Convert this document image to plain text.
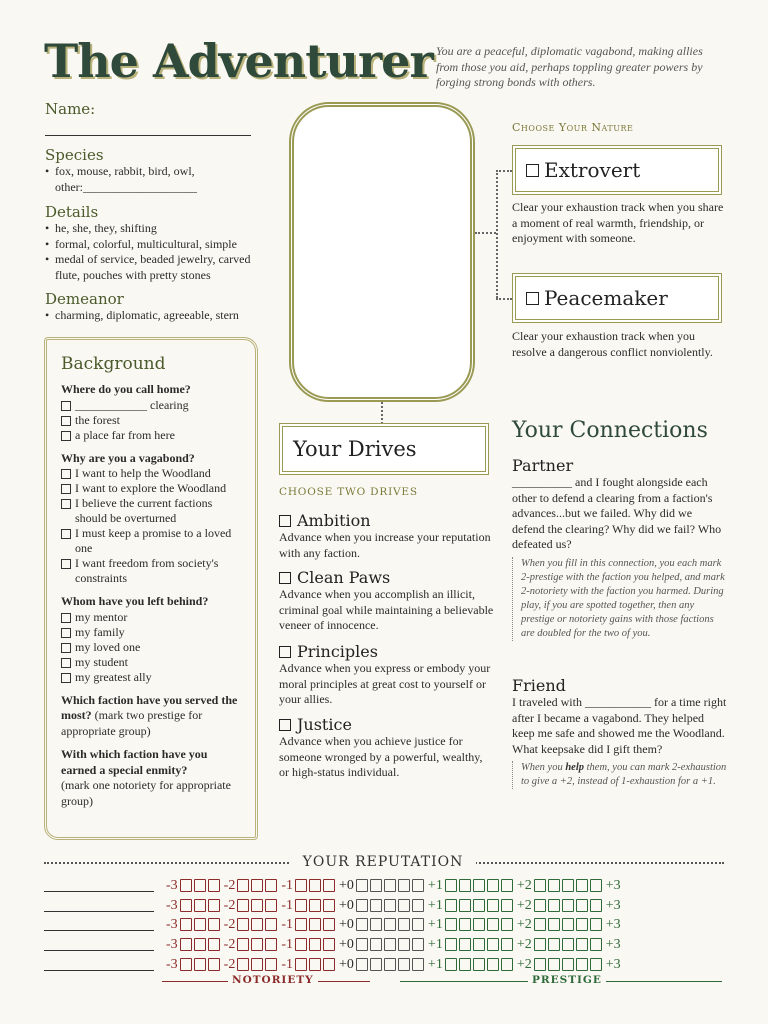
The Adventurer You are a peaceful, diplomatic vagabond, making allies from those you aid, perhaps toppling greater powers by forging strong bonds with others.
Name:
Species
• fox, mouse, rabbit, bird, owl,
other:___________________
Details
• he, she, they, shifting
• formal, colorful, multicultural, simple
• medal of service, beaded jewelry, carved flute, pouches with pretty stones
Demeanor
• charming, diplomatic, agreeable, stern
Background
Where do you call home?
____________ clearing
the forest
a place far from here
Why are you a vagabond?
I want to help the Woodland
I want to explore the Woodland
I believe the current factions should be overturned
I must keep a promise to a loved one
I want freedom from society's constraints
Whom have you left behind?
my mentor
my family
my loved one
my student
my greatest ally
Which faction have you served the most? (mark two prestige for appropriate group)
With which faction have you earned a special enmity?
(mark one notoriety for appropriate group)
Choose Your Nature
Extrovert
Clear your exhaustion track when you share a moment of real warmth, friendship, or enjoyment with someone.
Peacemaker
Clear your exhaustion track when you resolve a dangerous conflict nonviolently.
Your Drives
CHOOSE TWO DRIVES
Ambition
Advance when you increase your reputation with any faction.
Clean Paws
Advance when you accomplish an illicit, criminal goal while maintaining a believable veneer of innocence.
Principles
Advance when you express or embody your moral principles at great cost to yourself or your allies.
Justice
Advance when you achieve justice for someone wronged by a powerful, wealthy, or high-status individual.
Your Connections
Partner
__________ and I fought alongside each other to defend a clearing from a faction's advances...but we failed. Why did we defend the clearing? Why did we fail? Who defeated us?
When you fill in this connection, you each mark 2-prestige with the faction you helped, and mark 2-notoriety with the faction you harmed. During play, if you are spotted together, then any prestige or notoriety gains with those factions are doubled for the two of you.
Friend
I traveled with ___________ for a time right after I became a vagabond. They helped keep me safe and showed me the Woodland. What keepsake did I gift them?
When you help them, you can mark 2-exhaustion to give a +2, instead of 1-exhaustion for a +1.
YOUR REPUTATION
-3	-2	-1	+0	+1	+2	+3
-3	-2	-1	+0	+1	+2	+3
-3	-2	-1	+0	+1	+2	+3
-3	-2	-1	+0	+1	+2	+3
-3	-2	-1	+0	+1	+2	+3
NOTORIETY	PRESTIGE
